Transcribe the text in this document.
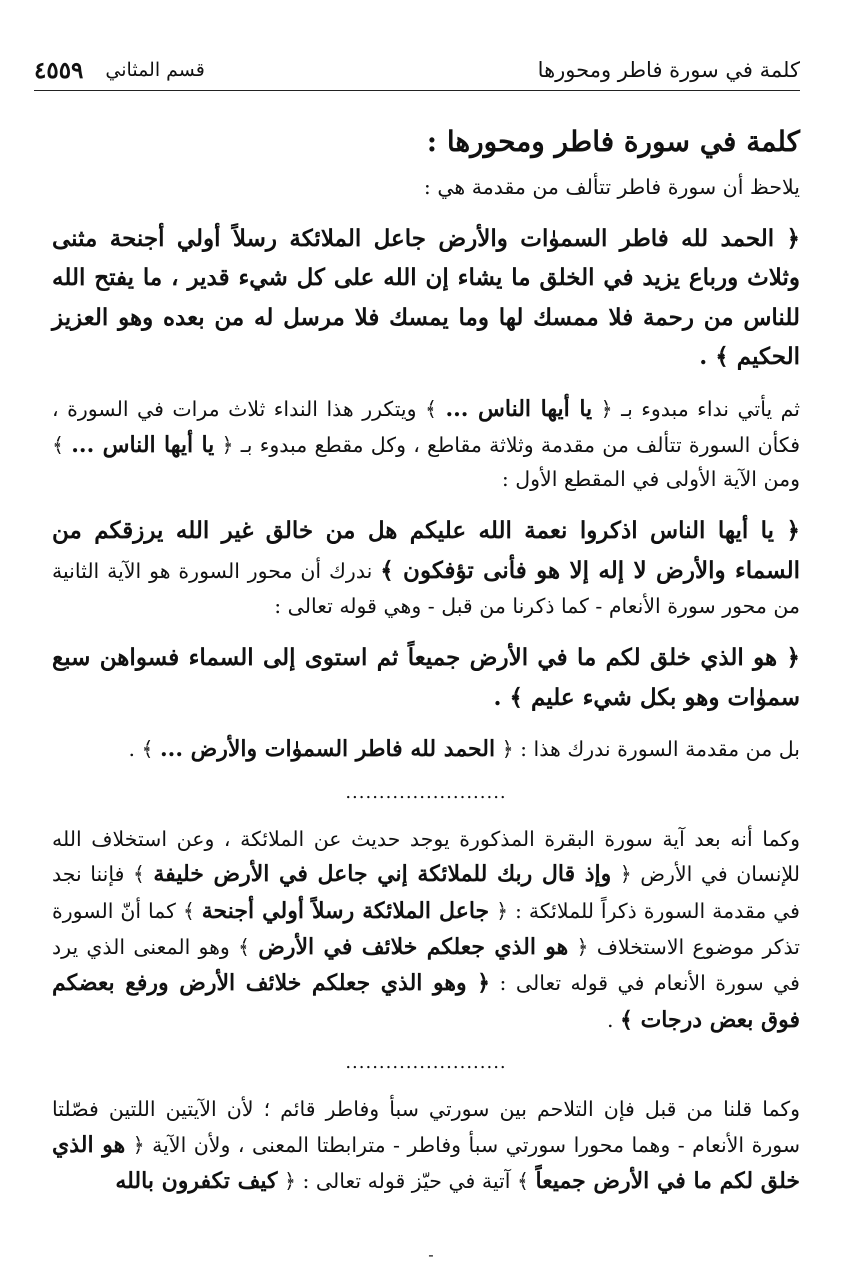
كلمة في سورة فاطر ومحورها
قسم المثاني
٤٥٥٩
كلمة في سورة فاطر ومحورها :

يلاحظ أن سورة فاطر تتألف من مقدمة هي :

﴿ الحمد لله فاطر السموٰات والأرض جاعل الملائكة رسلاً أولي أجنحة مثنى وثلاث ورباع يزيد في الخلق ما يشاء إن الله على كل شيء قدير ، ما يفتح الله للناس من رحمة فلا ممسك لها وما يمسك فلا مرسل له من بعده وهو العزيز الحكيم ﴾ .

ثم يأتي نداء مبدوء بـ ﴿ يا أيها الناس ... ﴾ ويتكرر هذا النداء ثلاث مرات في السورة ، فكأن السورة تتألف من مقدمة وثلاثة مقاطع ، وكل مقطع مبدوء بـ ﴿ يا أيها الناس ... ﴾ ومن الآية الأولى في المقطع الأول :

﴿ يا أيها الناس اذكروا نعمة الله عليكم هل من خالق غير الله يرزقكم من السماء والأرض لا إله إلا هو فأنى تؤفكون ﴾ ندرك أن محور السورة هو الآية الثانية من محور سورة الأنعام - كما ذكرنا من قبل - وهي قوله تعالى :

﴿ هو الذي خلق لكم ما في الأرض جميعاً ثم استوى إلى السماء فسواهن سبع سموٰات وهو بكل شيء عليم ﴾ .

بل من مقدمة السورة ندرك هذا : ﴿ الحمد لله فاطر السموٰات والأرض ... ﴾ .

........................

وكما أنه بعد آية سورة البقرة المذكورة يوجد حديث عن الملائكة ، وعن استخلاف الله للإنسان في الأرض ﴿ وإذ قال ربك للملائكة إني جاعل في الأرض خليفة ﴾ فإننا نجد في مقدمة السورة ذكراً للملائكة : ﴿ جاعل الملائكة رسلاً أولي أجنحة ﴾ كما أنّ السورة تذكر موضوع الاستخلاف ﴿ هو الذي جعلكم خلائف في الأرض ﴾ وهو المعنى الذي يرد في سورة الأنعام في قوله تعالى : ﴿ وهو الذي جعلكم خلائف الأرض ورفع بعضكم فوق بعض درجات ﴾ .

........................

وكما قلنا من قبل فإن التلاحم بين سورتي سبأ وفاطر قائم ؛ لأن الآيتين اللتين فصّلتا سورة الأنعام - وهما محورا سورتي سبأ وفاطر - مترابطتا المعنى ، ولأن الآية ﴿ هو الذي خلق لكم ما في الأرض جميعاً ﴾ آتية في حيّز قوله تعالى : ﴿ كيف تكفرون بالله

-
